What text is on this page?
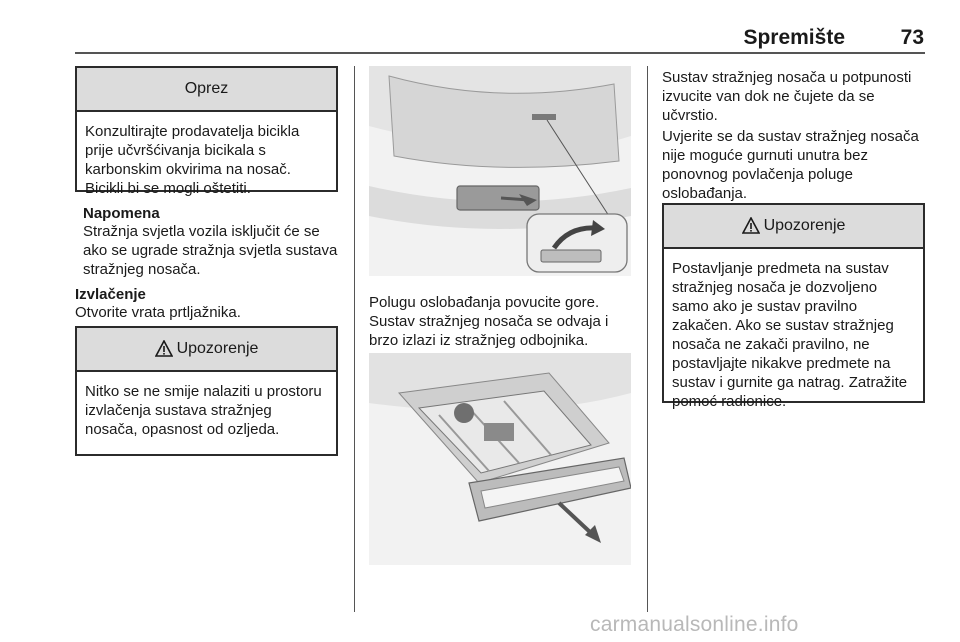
Spremište	73
Oprez
Konzultirajte prodavatelja bicikla prije učvršćivanja bicikala s karbonskim okvirima na nosač. Bicikli bi se mogli oštetiti.
Napomena
Stražnja svjetla vozila isključit će se ako se ugrade stražnja svjetla sustava stražnjeg nosača.
Izvlačenje
Otvorite vrata prtljažnika.
Upozorenje
Nitko se ne smije nalaziti u prostoru izvlačenja sustava stražnjeg nosača, opasnost od ozljeda.
Polugu oslobađanja povucite gore. Sustav stražnjeg nosača se odvaja i brzo izlazi iz stražnjeg odbojnika.
Sustav stražnjeg nosača u potpunosti izvucite van dok ne čujete da se učvrstio.
Uvjerite se da sustav stražnjeg nosača nije moguće gurnuti unutra bez ponovnog povlačenja poluge oslobađanja.
Upozorenje
Postavljanje predmeta na sustav stražnjeg nosača je dozvoljeno samo ako je sustav pravilno zakačen. Ako se sustav stražnjeg nosača ne zakači pravilno, ne postavljajte nikakve predmete na sustav i gurnite ga natrag. Zatražite pomoć radionice.
carmanualsonline.info
